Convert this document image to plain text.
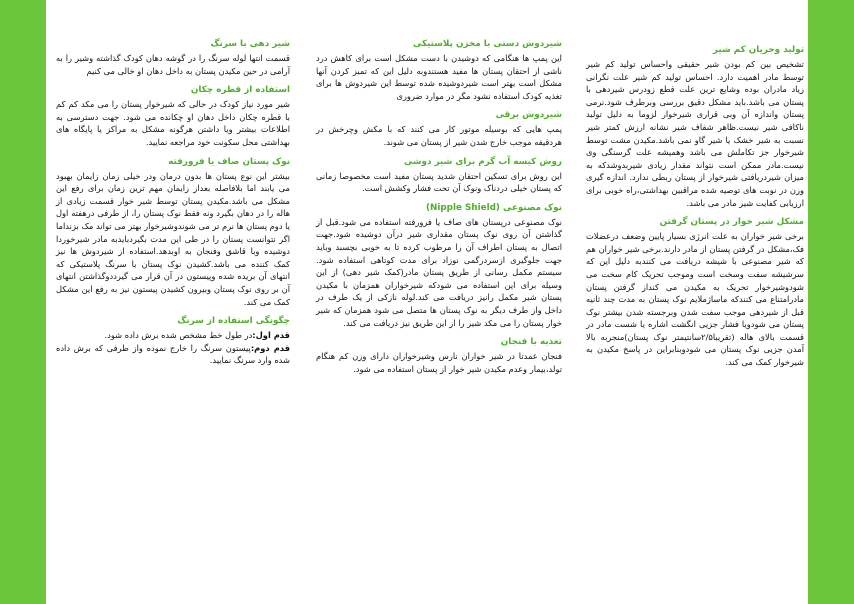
تولید وجریان کم شیر

تشخیص بین کم بودن شیر حقیقی واحساس تولید کم شیر توسط مادر اهمیت دارد. احساس تولید کم شیر علت نگرانی زیاد مادران بوده وشایع ترین علت قطع زودرس شیردهی با پستان می باشد.باید مشکل دقیق بررسی وبرطرف شود.نرمی پستان واندازه آن وبی قراری شیرخوار لزوما به دلیل تولید ناکافی شیر نیست.ظاهر شفاف شیر نشانه ارزش کمتر شیر نسبت به شیر خشک یا شیر گاو نمی باشد.مکیدن مشت توسط شیرخوار جز تکاملش می باشد وهمیشه علت گرسنگی وی نیست.مادر ممکن است نتواند مقدار زیادی شیربدوشدکه به میزان شیردریافتی شیرخوار از پستان ربطی ندارد. اندازه گیری وزن در نوبت های توصیه شده مراقبین بهداشتی،راه خوبی برای ارزیابی کفایت شیر مادر می باشد.

مشکل شیر خوار در پستان گرفتن

برخی شیر خواران به علت انرژی بسیار پایین وضعف درعضلات فک،مشکل در گرفتن پستان از مادر دارند.برخی شیر خواران هم که شیر مصنوعی با شیشه دریافت می کنندبه دلیل این که سرشیشه سفت وسخت است وموجب تحریک کام سخت می شودوشیرخوار تحریک به مکیدن می کنداز گرفتن پستان مادرامتناع می کنندکه ماساژملایم نوک پستان به مدت چند ثانیه قبل از شیردهی موجب سفت شدن وبرجسته شدن بیشتر نوک پستان می شودویا فشار جزیی انگشت اشاره یا شست مادر در قسمت بالای هاله (تقریبا۲/۵سانتیمتر نوک پستان)منجربه بالا آمدن جزیی نوک پستان می شودوبنابراین در پاسخ مکیدن به شیرخوار کمک می کند.

شیردوش دستی با مخزن پلاستیکی

این پمپ ها هنگامی که دوشیدن با دست مشکل است برای کاهش درد ناشی از احتقان پستان ها مفید هستندوبه دلیل این که تمیز کردن آنها مشکل است بهتر است شیردوشیده شده توسط این شیردوش ها برای تغذیه کودک استفاده نشود مگر در موارد ضروری

شیردوش برقی

پمپ هایی که بوسیله موتور کار می کنند که با مکش وچرخش در هردقیقه موجب خارج شدن شیر از پستان می شوند.

روش کیسه آب گرم برای شیر دوشی

این روش برای تسکین احتقان شدید پستان مفید است مخصوصا زمانی که پستان خیلی دردناک ونوک آن تحت فشار وکشش است.

نوک مصنوعی (Nipple Shield)

نوک مصنوعی درپستان های صاف یا فرورفته استفاده می شود.قبل از گذاشتن آن روی نوک پستان مقداری شیر درآن دوشیده شود.جهت اتصال به پستان اطراف آن را مرطوب کرده تا به خوبی بچسبد وباید جهت جلوگیری ازسردرگمی نوزاد برای مدت کوتاهی استفاده شود. سیستم مکمل رسانی از طریق پستان مادر(کمک شیر دهی) از این وسیله برای این استفاده می شودکه شیرخواران همزمان با مکیدن پستان شیر مکمل رانیز دریافت می کند.لوله نازکی از یک طرف در داخل واز طرف دیگر به نوک پستان ها متصل می شود همزمان که شیر خوار پستان را می مکد شیر را از این طریق نیز دریافت می کند.

تغذیه با فنجان

فنجان عمدتا در شیر خواران نارس وشیرخواران دارای وزن کم هنگام تولد،بیمار وعدم مکیدن شیر خوار از پستان استفاده می شود.

شیر دهی با سرنگ

قسمت انتها لوله سرنگ را در گوشه دهان کودک گذاشته وشیر را به آرامی در حین مکیدن پستان به داخل دهان او خالی می کنیم

استفاده از قطره چکان

شیر مورد نیاز کودک در حالی که شیرخوار پستان را می مکد کم کم با قطره چکان داخل دهان او چکانده می شود. جهت دسترسی به اطلاعات بیشتر ویا داشتن هرگونه مشکل به مراکز یا پایگاه های بهداشتی محل سکونت خود مراجعه نمایید.

نوک پستان صاف یا فرورفته

بیشتر این نوع پستان ها بدون درمان ودر خیلی زمان زایمان بهبود می یابند اما بلافاصله بعداز زایمان مهم ترین زمان برای رفع این مشکل می باشد.مکیدن پستان توسط شیر خوار قسمت زیادی از هاله را در دهان بگیرد ونه فقط نوک پستان را، از طرفی درهفته اول یا دوم پستان ها نرم تر می شوندوشیرخوار بهتر می تواند مک بزنداما اگر نتوانست پستان را در طی این مدت بگیردبایدبه مادر شیرخوردا دوشیده وبا قاشق وفنجان به اوبدهد.استفاده از شیردوش ها نیز کمک کننده می باشد.کشیدن نوک پستان با سرنگ پلاستیکی که انتهای آن بریده شده وپیستون در آن قرار می گیرددوگذاشتن انتهای آن بر روی نوک پستان وبیرون کشیدن پیستون نیز به رفع این مشکل کمک می کند.

چگونگی استفاده از سرنگ

قدم اول:در طول خط مشخص شده برش داده شود.

قدم دوم:پیستون سرنگ را خارج نموده واز طرفی که برش داده شده وارد سرنگ نمایید.
